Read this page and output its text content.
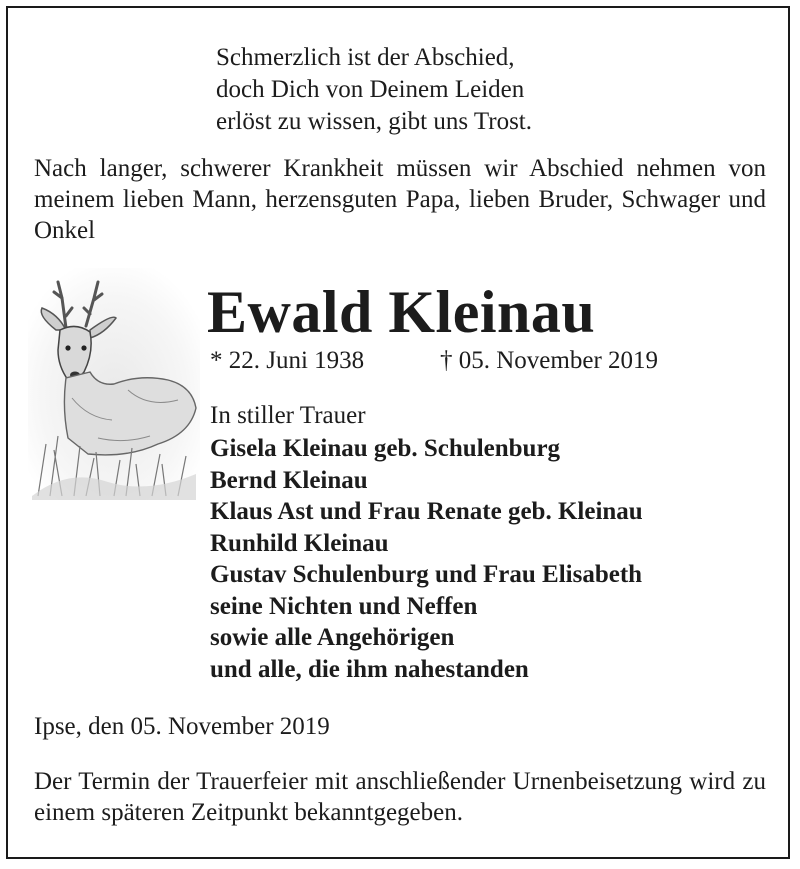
Schmerzlich ist der Abschied,
doch Dich von Deinem Leiden
erlöst zu wissen, gibt uns Trost.
Nach langer, schwerer Krankheit müssen wir Abschied nehmen von meinem lieben Mann, herzensguten Papa, lieben Bruder, Schwager und Onkel
Ewald Kleinau
* 22. Juni 1938	† 05. November 2019
In stiller Trauer
Gisela Kleinau geb. Schulenburg
Bernd Kleinau
Klaus Ast und Frau Renate geb. Kleinau
Runhild Kleinau
Gustav Schulenburg und Frau Elisabeth
seine Nichten und Neffen
sowie alle Angehörigen
und alle, die ihm nahestanden
Ipse, den 05. November 2019
Der Termin der Trauerfeier mit anschließender Urnenbeisetzung wird zu einem späteren Zeitpunkt bekanntgegeben.
